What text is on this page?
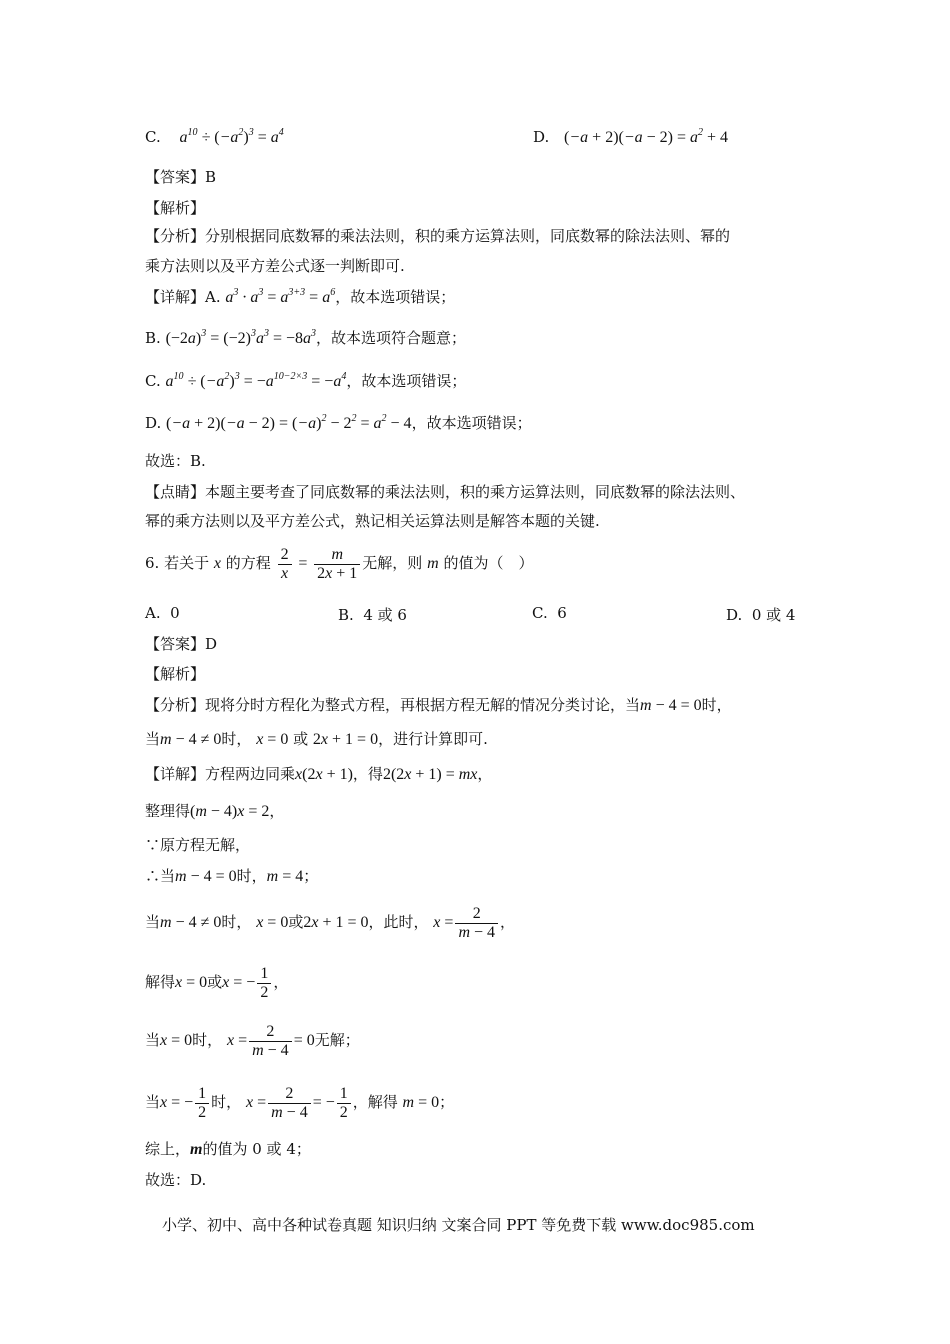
C. $a^{10} \div (-a^2)^3 = a^4$	D. $(-a + 2)(-a - 2) = a^2 + 4$
【答案】B
【解析】
【分析】分别根据同底数幂的乘法法则，积的乘方运算法则，同底数幂的除法法则、幂的
乘方法则以及平方差公式逐一判断即可.
【详解】A. $a^3 \cdot a^3 = a^{3+3} = a^6$，故本选项错误；
B. $(-2a)^3 = (-2)^3a^3 = -8a^3$，故本选项符合题意；
C. $a^{10} \div (-a^2)^3 = -a^{10-2\times 3} = -a^4$，故本选项错误；
D. $(-a + 2)(-a - 2) = (-a)^2 - 2^2 = a^2 - 4$，故本选项错误；
故选：B.
【点睛】本题主要考查了同底数幂的乘法法则，积的乘方运算法则，同底数幂的除法法则、
幂的乘方法则以及平方差公式，熟记相关运算法则是解答本题的关键.
6. 若关于 x 的方程 $\frac{2}{x} = \frac{m}{2x + 1}$ 无解，则 m 的值为（　）
A. 0	B. 4 或 6	C. 6	D. 0 或 4
【答案】D
【解析】
【分析】现将分时方程化为整式方程，再根据方程无解的情况分类讨论，当m − 4 = 0时，
当m − 4 ≠ 0时， x = 0 或 2x + 1 = 0，进行计算即可.
【详解】方程两边同乘x(2x + 1)，得2(2x + 1) = mx，
整理得(m − 4)x = 2，
∵原方程无解，
∴当m − 4 = 0时，m = 4；
当m − 4 ≠ 0时， x = 0或2x + 1 = 0，此时， $x = \frac{2}{m - 4}$ ，
解得x = 0或x = − $\frac{1}{2}$ ，
当x = 0时， $x = \frac{2}{m - 4} = 0$无解；
当x = − $\frac{1}{2}$ 时， $x = \frac{2}{m - 4}$ = − $\frac{1}{2}$ ，解得 m = 0；
综上，m的值为 0 或 4；
故选：D.
小学、初中、高中各种试卷真题 知识归纳 文案合同 PPT 等免费下载 www.doc985.com
